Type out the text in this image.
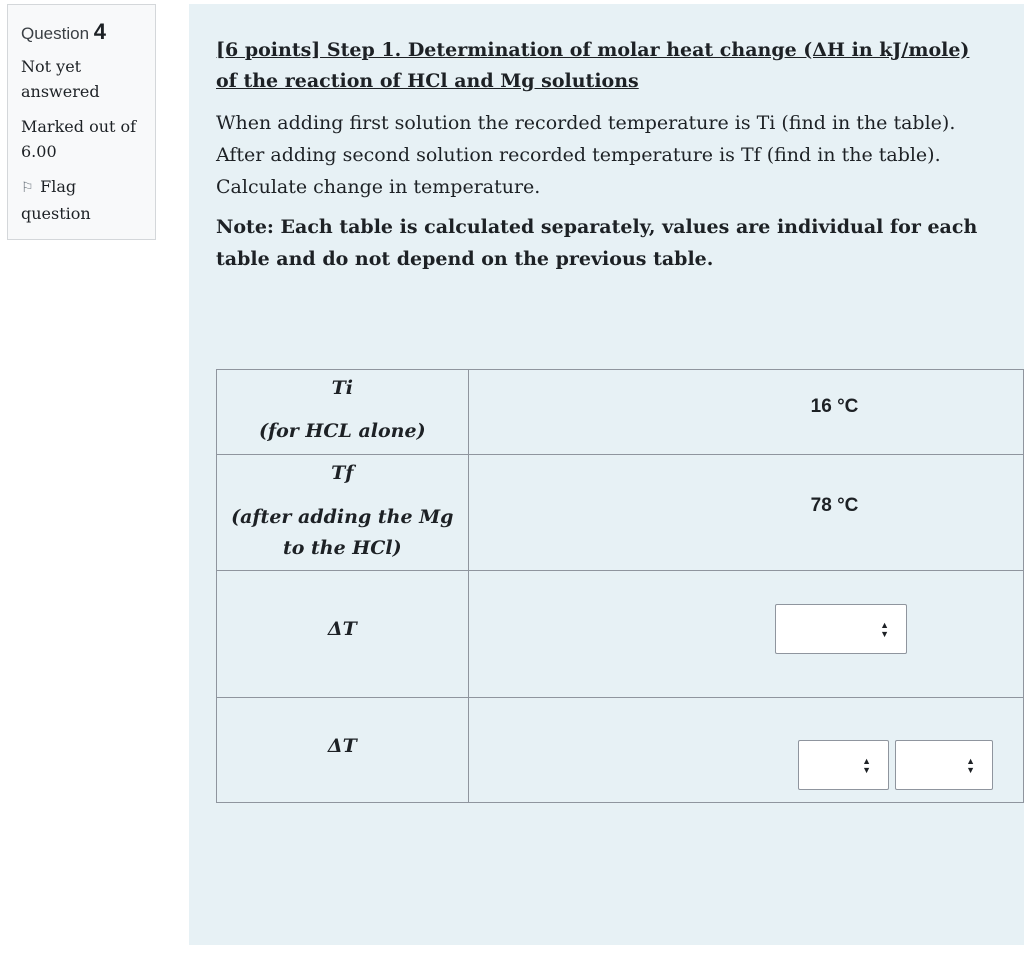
Question 4
Not yet answered
Marked out of 6.00
⚐ Flag question
[6 points] Step 1. Determination of molar heat change (ΔH in kJ/mole) of the reaction of HCl and Mg solutions
When adding first solution the recorded temperature is Ti (find in the table). After adding second solution recorded temperature is Tf (find in the table). Calculate change in temperature.
Note: Each table is calculated separately, values are individual for each table and do not depend on the previous table.
Ti
(for HCL alone)	16 °C

Tf
(after adding the Mg to the HCl)	78 °C

ΔT	▲
▼

ΔT	▲
▼
▲
▼
